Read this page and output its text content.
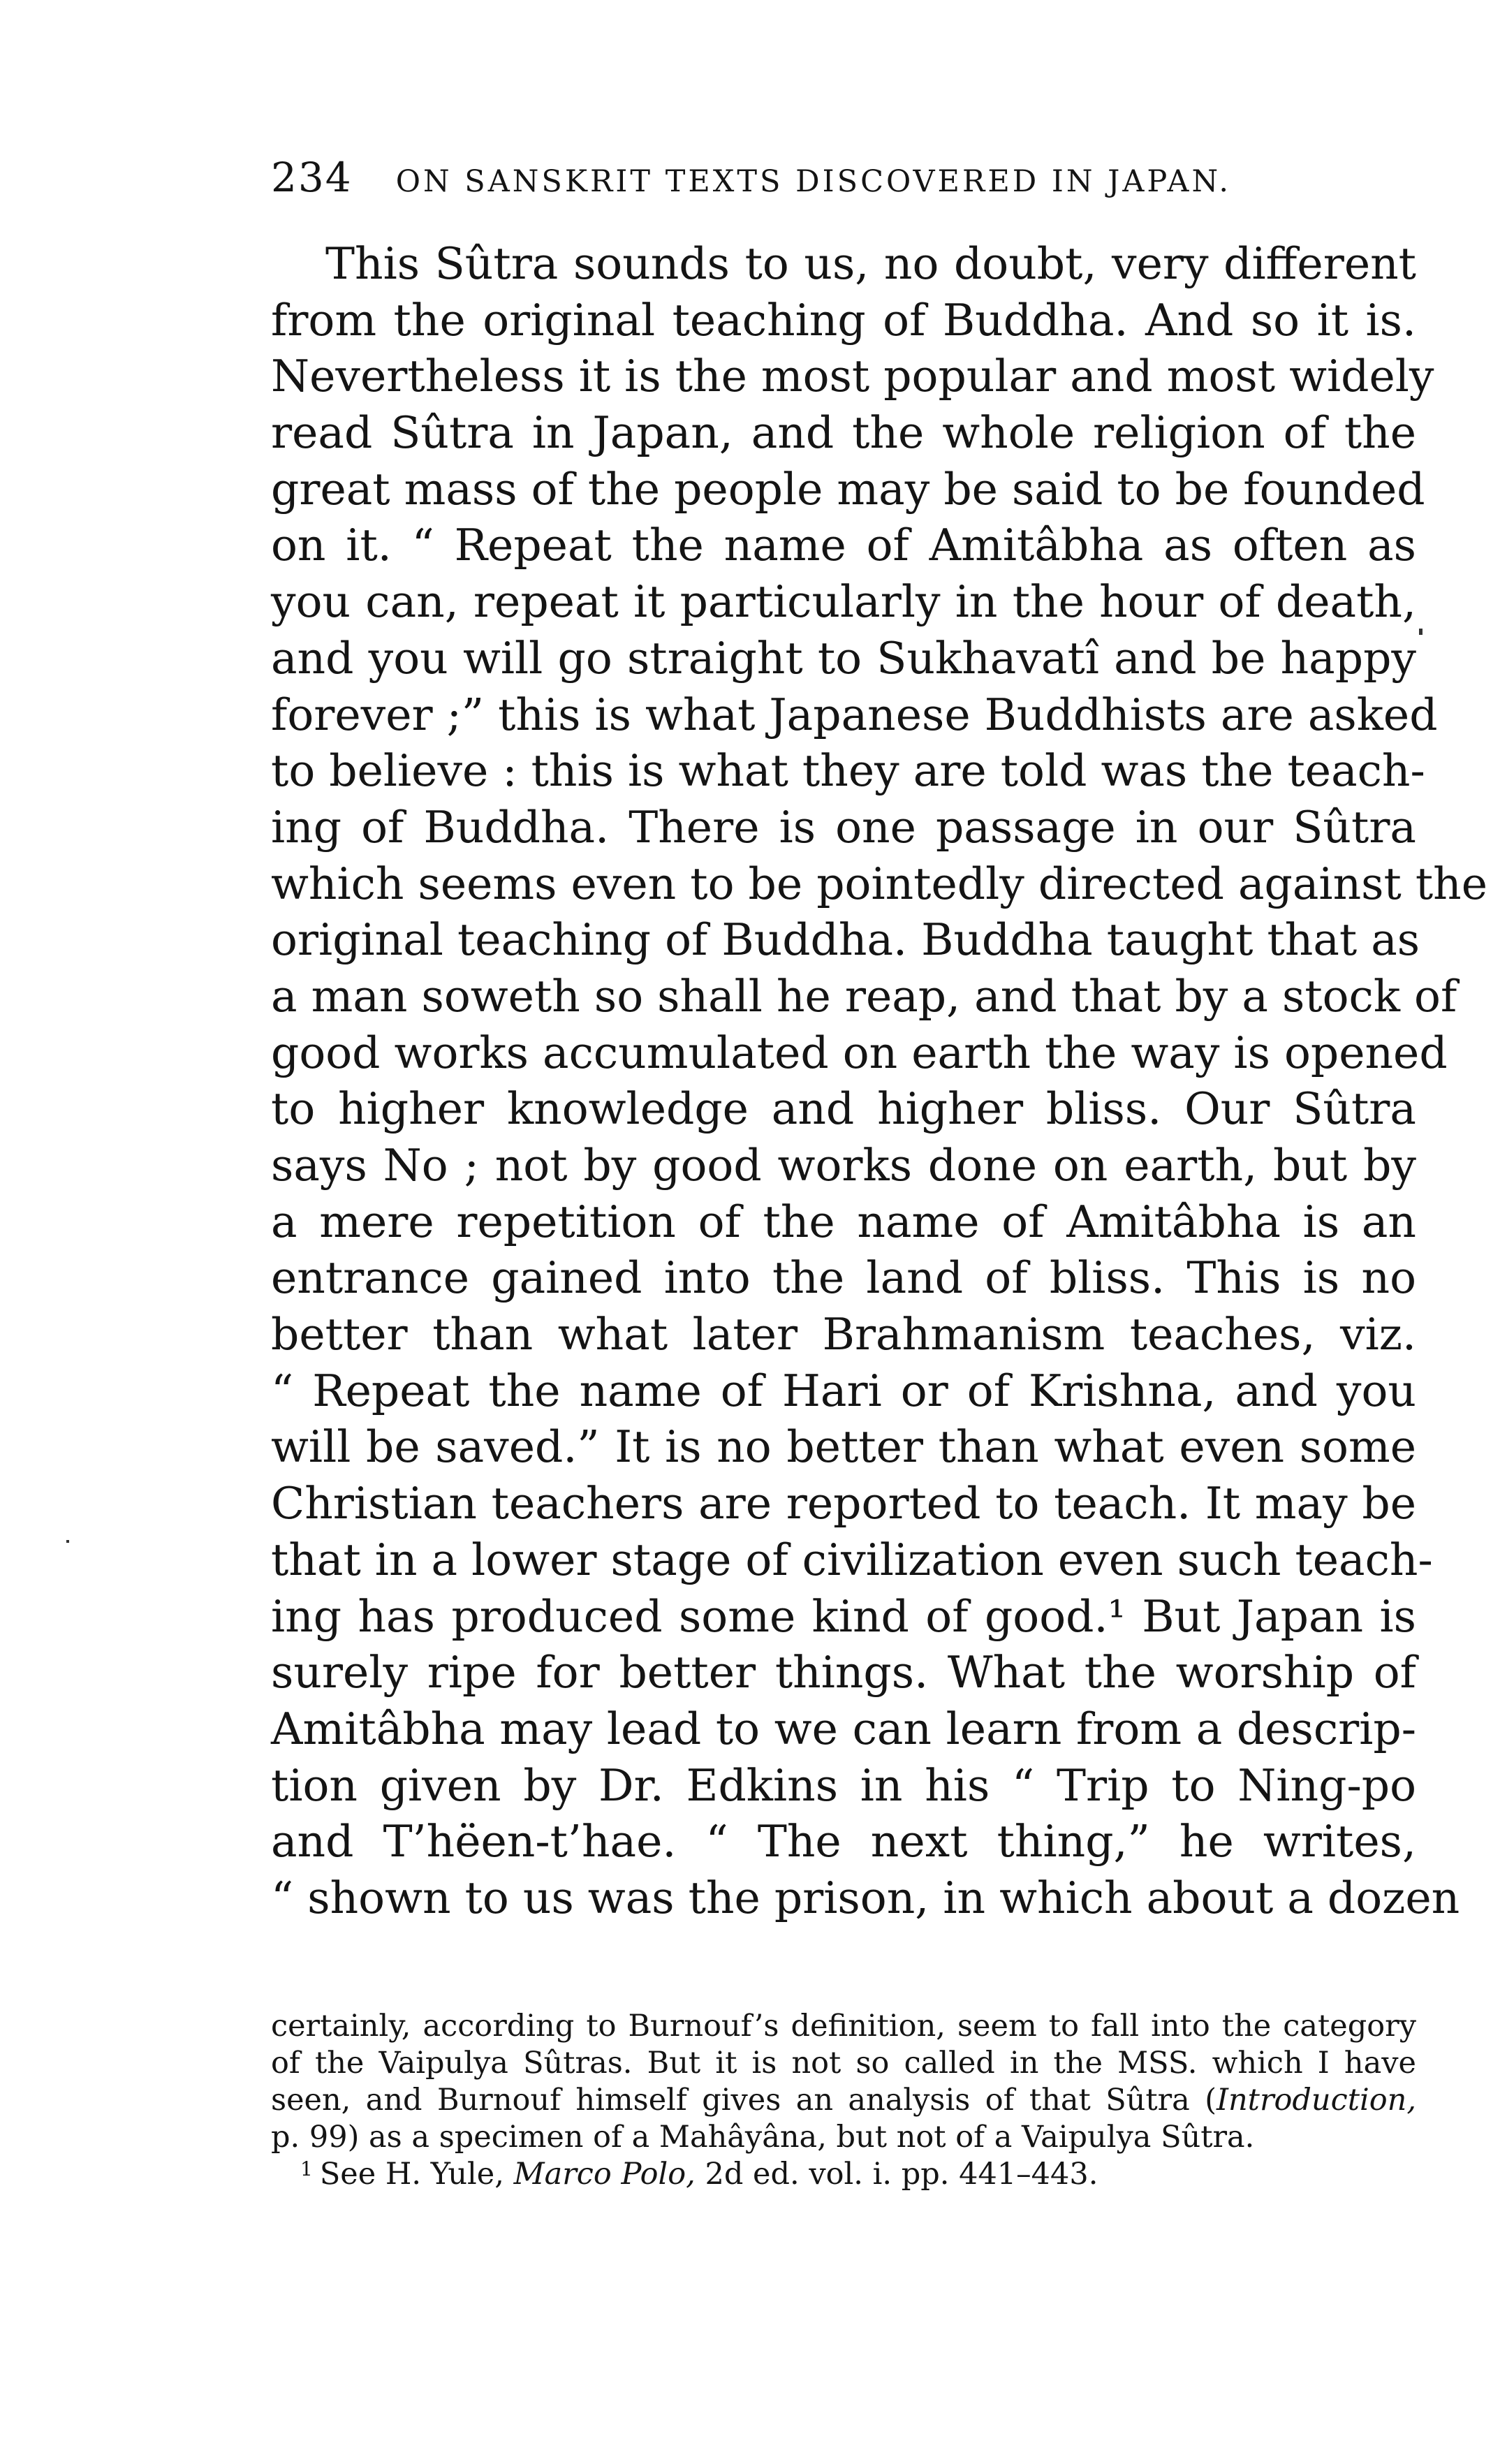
234 ON SANSKRIT TEXTS DISCOVERED IN JAPAN.
This Sûtra sounds to us, no doubt, very different
from the original teaching of Buddha. And so it is.
Nevertheless it is the most popular and most widely
read Sûtra in Japan, and the whole religion of the
great mass of the people may be said to be founded
on it. “ Repeat the name of Amitâbha as often as
you can, repeat it particularly in the hour of death,
and you will go straight to Sukhavatî and be happy
forever ;” this is what Japanese Buddhists are asked
to believe : this is what they are told was the teach-
ing of Buddha. There is one passage in our Sûtra
which seems even to be pointedly directed against the
original teaching of Buddha. Buddha taught that as
a man soweth so shall he reap, and that by a stock of
good works accumulated on earth the way is opened
to higher knowledge and higher bliss. Our Sûtra
says No ; not by good works done on earth, but by
a mere repetition of the name of Amitâbha is an
entrance gained into the land of bliss. This is no
better than what later Brahmanism teaches, viz.
“ Repeat the name of Hari or of Krishna, and you
will be saved.” It is no better than what even some
Christian teachers are reported to teach. It may be
that in a lower stage of civilization even such teach-
ing has produced some kind of good.¹ But Japan is
surely ripe for better things. What the worship of
Amitâbha may lead to we can learn from a descrip-
tion given by Dr. Edkins in his “ Trip to Ning-po
and T’hëen-t’hae. “ The next thing,” he writes,
“ shown to us was the prison, in which about a dozen
certainly, according to Burnouf’s definition, seem to fall into the category
of the Vaipulya Sûtras. But it is not so called in the MSS. which I have
seen, and Burnouf himself gives an analysis of that Sûtra (Introduction,
p. 99) as a specimen of a Mahâyâna, but not of a Vaipulya Sûtra.
$^1$ See H. Yule, Marco Polo, 2d ed. vol. i. pp. 441–443.
